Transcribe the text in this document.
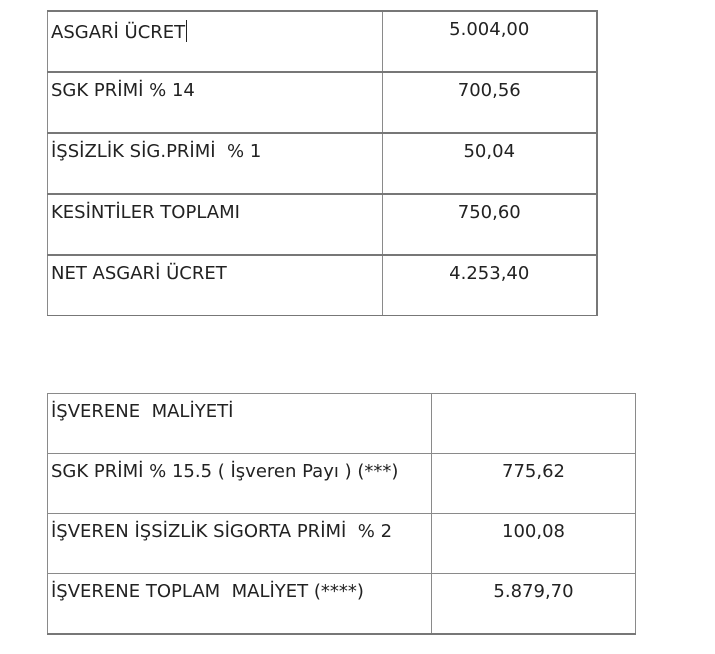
ASGARİ ÜCRET	5.004,00
SGK PRİMİ % 14	700,56
İŞSİZLİK SİG.PRİMİ  % 1	50,04
KESİNTİLER TOPLAMI	750,60
NET ASGARİ ÜCRET	4.253,40
İŞVERENE  MALİYETİ	
SGK PRİMİ % 15.5 ( İşveren Payı ) (***)	775,62
İŞVEREN İŞSİZLİK SİGORTA PRİMİ  % 2	100,08
İŞVERENE TOPLAM  MALİYET (****)	5.879,70
